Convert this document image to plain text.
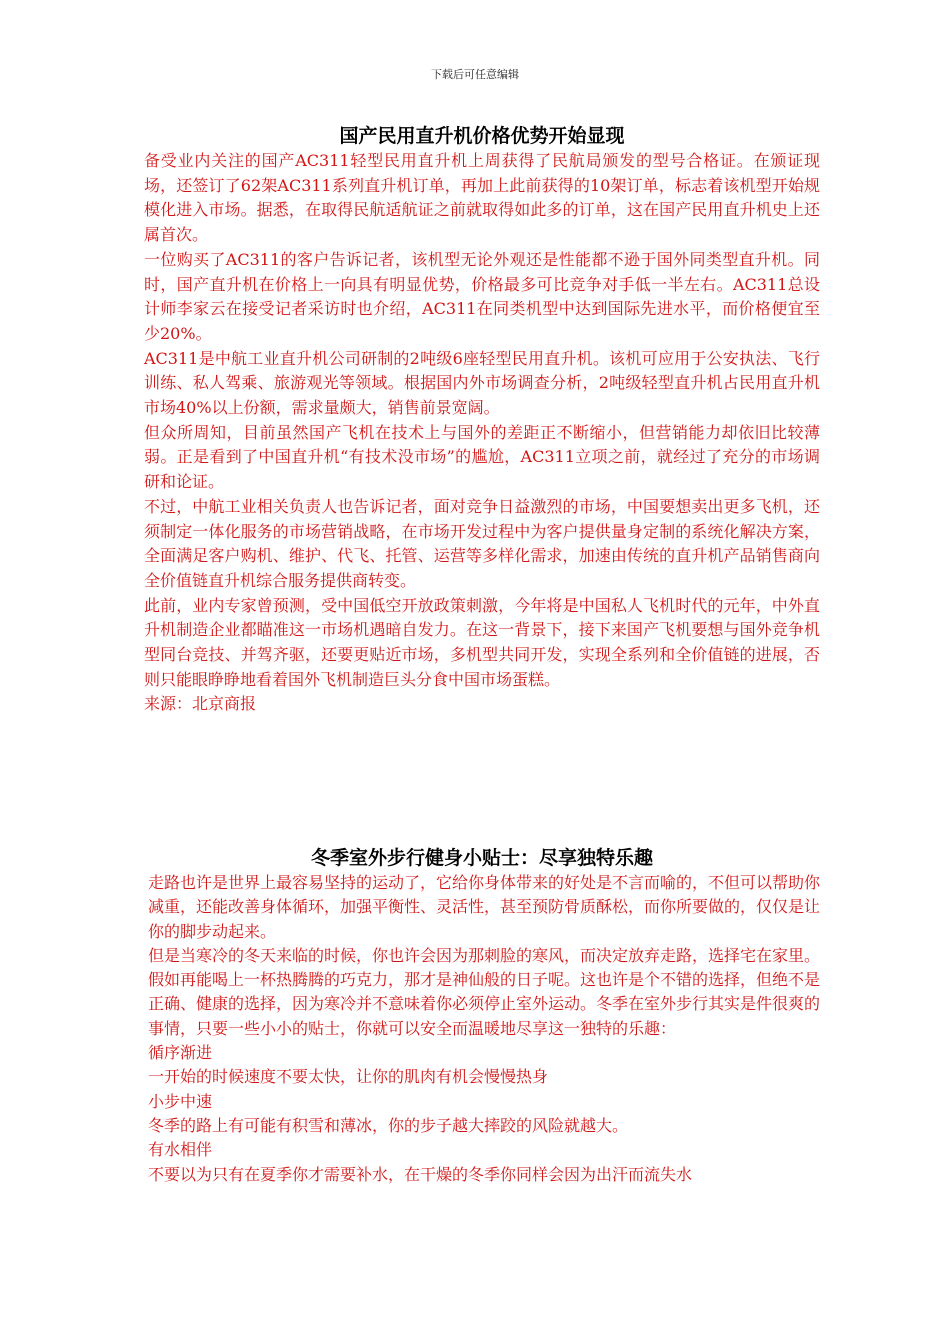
下载后可任意编辑

国产民用直升机价格优势开始显现

备受业内关注的国产AC311轻型民用直升机上周获得了民航局颁发的型号合格证。在颁证现场，还签订了62架AC311系列直升机订单，再加上此前获得的10架订单，标志着该机型开始规模化进入市场。据悉，在取得民航适航证之前就取得如此多的订单，这在国产民用直升机史上还属首次。

一位购买了AC311的客户告诉记者，该机型无论外观还是性能都不逊于国外同类型直升机。同时，国产直升机在价格上一向具有明显优势，价格最多可比竞争对手低一半左右。AC311总设计师李家云在接受记者采访时也介绍，AC311在同类机型中达到国际先进水平，而价格便宜至少20%。

AC311是中航工业直升机公司研制的2吨级6座轻型民用直升机。该机可应用于公安执法、飞行训练、私人驾乘、旅游观光等领域。根据国内外市场调查分析，2吨级轻型直升机占民用直升机市场40%以上份额，需求量颇大，销售前景宽阔。

但众所周知，目前虽然国产飞机在技术上与国外的差距正不断缩小，但营销能力却依旧比较薄弱。正是看到了中国直升机“有技术没市场”的尴尬，AC311立项之前，就经过了充分的市场调研和论证。

不过，中航工业相关负责人也告诉记者，面对竞争日益激烈的市场，中国要想卖出更多飞机，还须制定一体化服务的市场营销战略，在市场开发过程中为客户提供量身定制的系统化解决方案，全面满足客户购机、维护、代飞、托管、运营等多样化需求，加速由传统的直升机产品销售商向全价值链直升机综合服务提供商转变。

此前，业内专家曾预测，受中国低空开放政策刺激，今年将是中国私人飞机时代的元年，中外直升机制造企业都瞄准这一市场机遇暗自发力。在这一背景下，接下来国产飞机要想与国外竞争机型同台竞技、并驾齐驱，还要更贴近市场，多机型共同开发，实现全系列和全价值链的进展，否则只能眼睁睁地看着国外飞机制造巨头分食中国市场蛋糕。

来源：北京商报

冬季室外步行健身小贴士：尽享独特乐趣

走路也许是世界上最容易坚持的运动了，它给你身体带来的好处是不言而喻的，不但可以帮助你减重，还能改善身体循环，加强平衡性、灵活性，甚至预防骨质酥松，而你所要做的，仅仅是让你的脚步动起来。

但是当寒冷的冬天来临的时候，你也许会因为那刺脸的寒风，而决定放弃走路，选择宅在家里。假如再能喝上一杯热腾腾的巧克力，那才是神仙般的日子呢。这也许是个不错的选择，但绝不是正确、健康的选择，因为寒冷并不意味着你必须停止室外运动。冬季在室外步行其实是件很爽的事情，只要一些小小的贴士，你就可以安全而温暖地尽享这一独特的乐趣：

循序渐进

一开始的时候速度不要太快，让你的肌肉有机会慢慢热身

小步中速

冬季的路上有可能有积雪和薄冰，你的步子越大摔跤的风险就越大。

有水相伴

不要以为只有在夏季你才需要补水，在干燥的冬季你同样会因为出汗而流失水
